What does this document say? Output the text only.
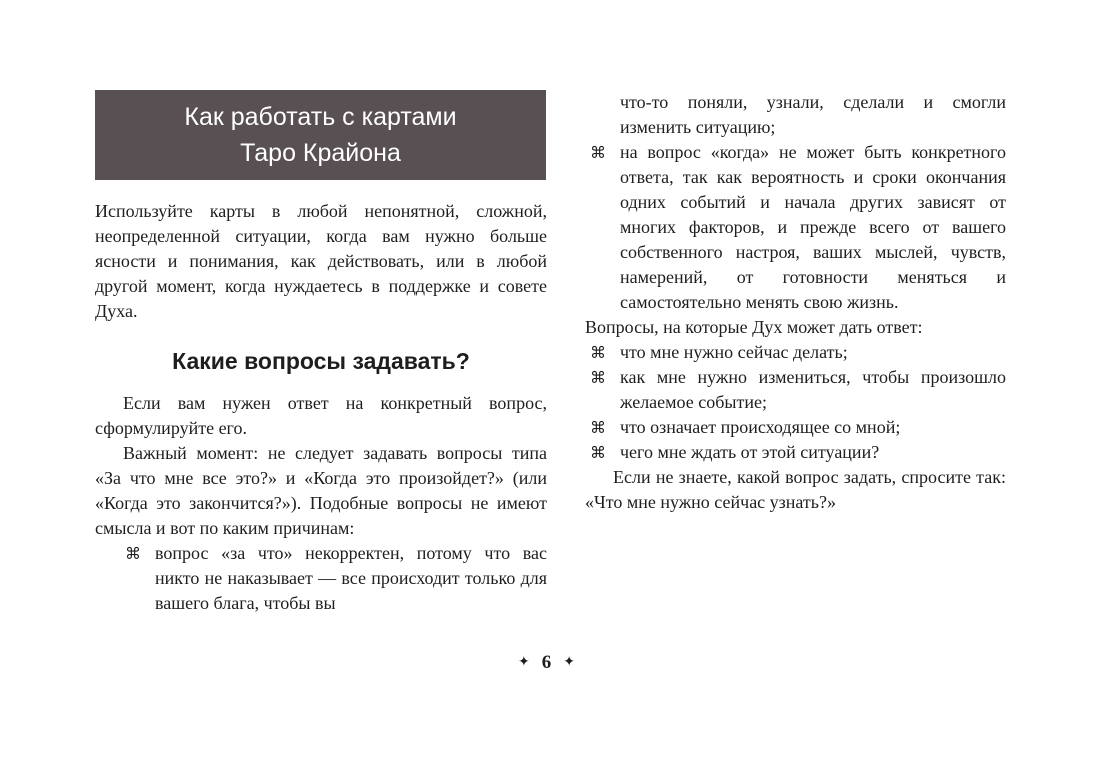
Как работать с картами
Таро Крайона

Используйте карты в любой непонятной, сложной, неопределенной ситуации, когда вам нужно больше ясности и понимания, как действовать, или в любой другой момент, когда нуждаетесь в поддержке и совете Духа.

Какие вопросы задавать?

Если вам нужен ответ на конкретный вопрос, сформулируйте его.

Важный момент: не следует задавать вопросы типа «За что мне все это?» и «Когда это произойдет?» (или «Когда это закончится?»). Подобные вопросы не имеют смысла и вот по каким причинам:

⌘ вопрос «за что» некорректен, потому что вас никто не наказывает — все происходит только для вашего блага, чтобы вы

что-то поняли, узнали, сделали и смогли изменить ситуацию;

⌘ на вопрос «когда» не может быть конкретного ответа, так как вероятность и сроки окончания одних событий и начала других зависят от многих факторов, и прежде всего от вашего собственного настроя, ваших мыслей, чувств, намерений, от готовности меняться и самостоятельно менять свою жизнь.

Вопросы, на которые Дух может дать ответ:

⌘ что мне нужно сейчас делать;
⌘ как мне нужно измениться, чтобы произошло желаемое событие;
⌘ что означает происходящее со мной;
⌘ чего мне ждать от этой ситуации?

Если не знаете, какой вопрос задать, спросите так: «Что мне нужно сейчас узнать?»

✦ 6 ✦
